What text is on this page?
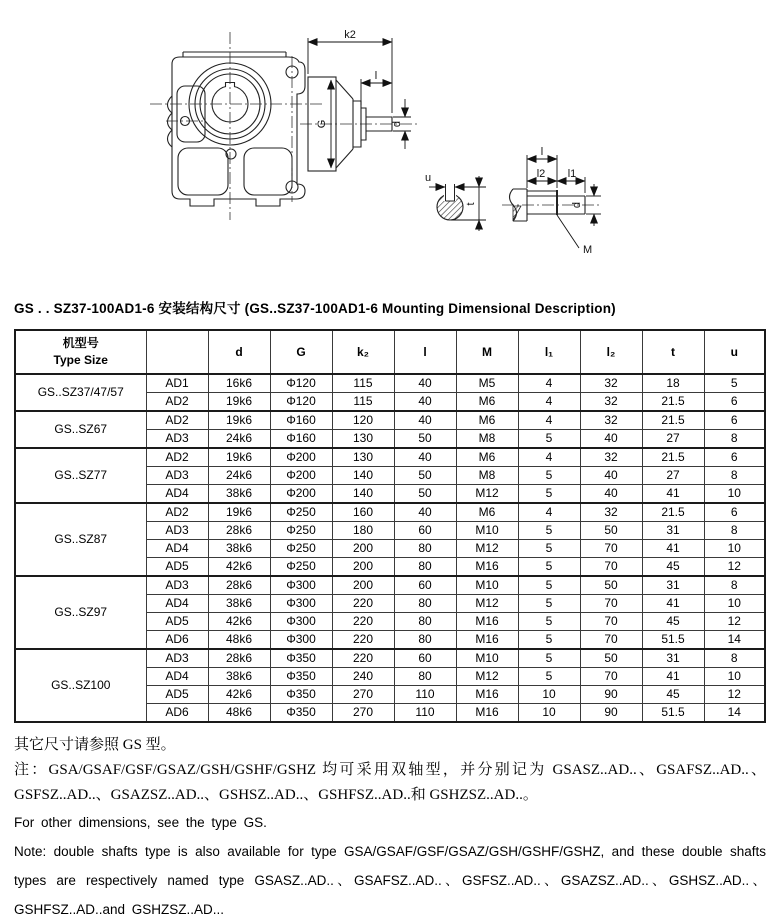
k2
l
G	d
u
t
l
l2 l1
d
M
GS . . SZ37-100AD1-6 安装结构尺寸 (GS..SZ37-100AD1-6 Mounting Dimensional Description)
机型号
Type Size		d	G	k₂	l	M	l₁	l₂	t	u
GS..SZ37/47/57	AD1	16k6	Φ120	115	40	M5	4	32	18	5
	AD2	19k6	Φ120	115	40	M6	4	32	21.5	6
GS..SZ67	AD2	19k6	Φ160	120	40	M6	4	32	21.5	6
	AD3	24k6	Φ160	130	50	M8	5	40	27	8
GS..SZ77	AD2	19k6	Φ200	130	40	M6	4	32	21.5	6
	AD3	24k6	Φ200	140	50	M8	5	40	27	8
	AD4	38k6	Φ200	140	50	M12	5	40	41	10
GS..SZ87	AD2	19k6	Φ250	160	40	M6	4	32	21.5	6
	AD3	28k6	Φ250	180	60	M10	5	50	31	8
	AD4	38k6	Φ250	200	80	M12	5	70	41	10
	AD5	42k6	Φ250	200	80	M16	5	70	45	12
GS..SZ97	AD3	28k6	Φ300	200	60	M10	5	50	31	8
	AD4	38k6	Φ300	220	80	M12	5	70	41	10
	AD5	42k6	Φ300	220	80	M16	5	70	45	12
	AD6	48k6	Φ300	220	80	M16	5	70	51.5	14
GS..SZ100	AD3	28k6	Φ350	220	60	M10	5	50	31	8
	AD4	38k6	Φ350	240	80	M12	5	70	41	10
	AD5	42k6	Φ350	270	110	M16	10	90	45	12
	AD6	48k6	Φ350	270	110	M16	10	90	51.5	14

其它尺寸请参照 GS 型。

注：GSA/GSAF/GSF/GSAZ/GSH/GSHF/GSHZ 均可采用双轴型，并分别记为 GSASZ..AD..、GSAFSZ..AD..、GSFSZ..AD..、GSAZSZ..AD..、GSHSZ..AD..、GSHFSZ..AD..和 GSHZSZ..AD..。

For other dimensions, see the type GS.

Note: double shafts type is also available for type GSA/GSAF/GSF/GSAZ/GSH/GSHF/GSHZ, and these double shafts types are respectively named type GSASZ..AD..、GSAFSZ..AD..、GSFSZ..AD..、GSAZSZ..AD..、GSHSZ..AD..、GSHFSZ..AD..and GSHZSZ..AD...
